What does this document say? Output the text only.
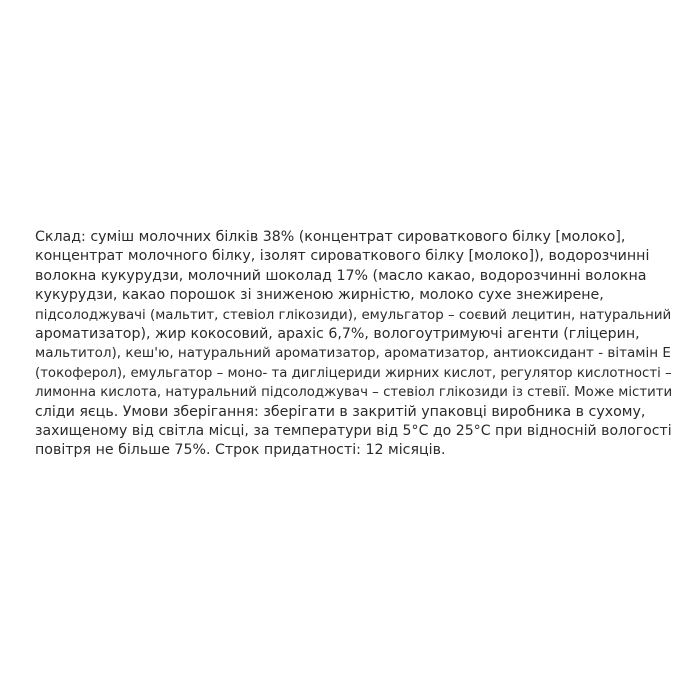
Склад: суміш молочних білків 38% (концентрат сироваткового білку [молоко],
концентрат молочного білку, ізолят сироваткового білку [молоко]), водорозчинні
волокна кукурудзи, молочний шоколад 17% (масло какао, водорозчинні волокна
кукурудзи, какао порошок зі зниженою жирністю, молоко сухе знежирене,
підсолоджувачі (мальтит, стевіол глікозиди), емульгатор – соєвий лецитин, натуральний
ароматизатор), жир кокосовий, арахіс 6,7%, вологоутримуючі агенти (гліцерин,
мальтитол), кеш'ю, натуральний ароматизатор, ароматизатор, антиоксидант - вітамін Е
(токоферол), емульгатор – моно- та дигліцериди жирних кислот, регулятор кислотності –
лимонна кислота, натуральний підсолоджувач – стевіол глікозиди із стевії. Може містити
сліди яєць. Умови зберігання: зберігати в закритій упаковці виробника в сухому,
захищеному від світла місці, за температури від 5°С до 25°С при відносній вологості
повітря не більше 75%. Строк придатності: 12 місяців.
